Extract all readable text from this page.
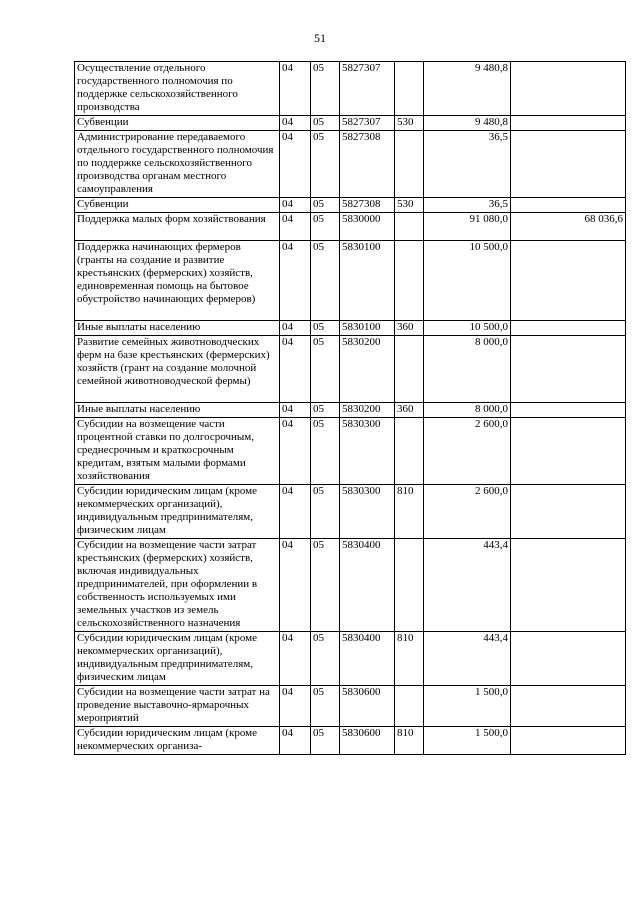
51
Осуществление отдельного государственного полномочия по поддержке сельскохозяйственного производства	04	05	5827307		9 480,8	
Субвенции	04	05	5827307	530	9 480,8	
Администрирование передаваемого отдельного государственного полномочия по поддержке сельскохозяйственного производства органам местного самоуправления	04	05	5827308		36,5	
Субвенции	04	05	5827308	530	36,5	
Поддержка малых форм хозяйствования	04	05	5830000		91 080,0	68 036,6
Поддержка начинающих фермеров (гранты на создание и развитие крестьянских (фермерских) хозяйств, единовременная помощь на бытовое обустройство начинающих фермеров)	04	05	5830100		10 500,0	
Иные выплаты населению	04	05	5830100	360	10 500,0	
Развитие семейных животноводческих ферм на базе крестьянских (фермерских) хозяйств (грант на создание молочной семейной животноводческой фермы)	04	05	5830200		8 000,0	
Иные выплаты населению	04	05	5830200	360	8 000,0	
Субсидии на возмещение части процентной ставки по долгосрочным, среднесрочным и краткосрочным кредитам, взятым малыми формами хозяйствования	04	05	5830300		2 600,0	
Субсидии юридическим лицам (кроме некоммерческих организаций), индивидуальным предпринимателям, физическим лицам	04	05	5830300	810	2 600,0	
Субсидии на возмещение части затрат крестьянских (фермерских) хозяйств, включая индивидуальных предпринимателей, при оформлении в собственность используемых ими земельных участков из земель сельскохозяйственного назначения	04	05	5830400		443,4	
Субсидии юридическим лицам (кроме некоммерческих организаций), индивидуальным предпринимателям, физическим лицам	04	05	5830400	810	443,4	
Субсидии на возмещение части затрат на проведение выставочно-ярмарочных мероприятий	04	05	5830600		1 500,0	
Субсидии юридическим лицам (кроме некоммерческих организа-	04	05	5830600	810	1 500,0	
